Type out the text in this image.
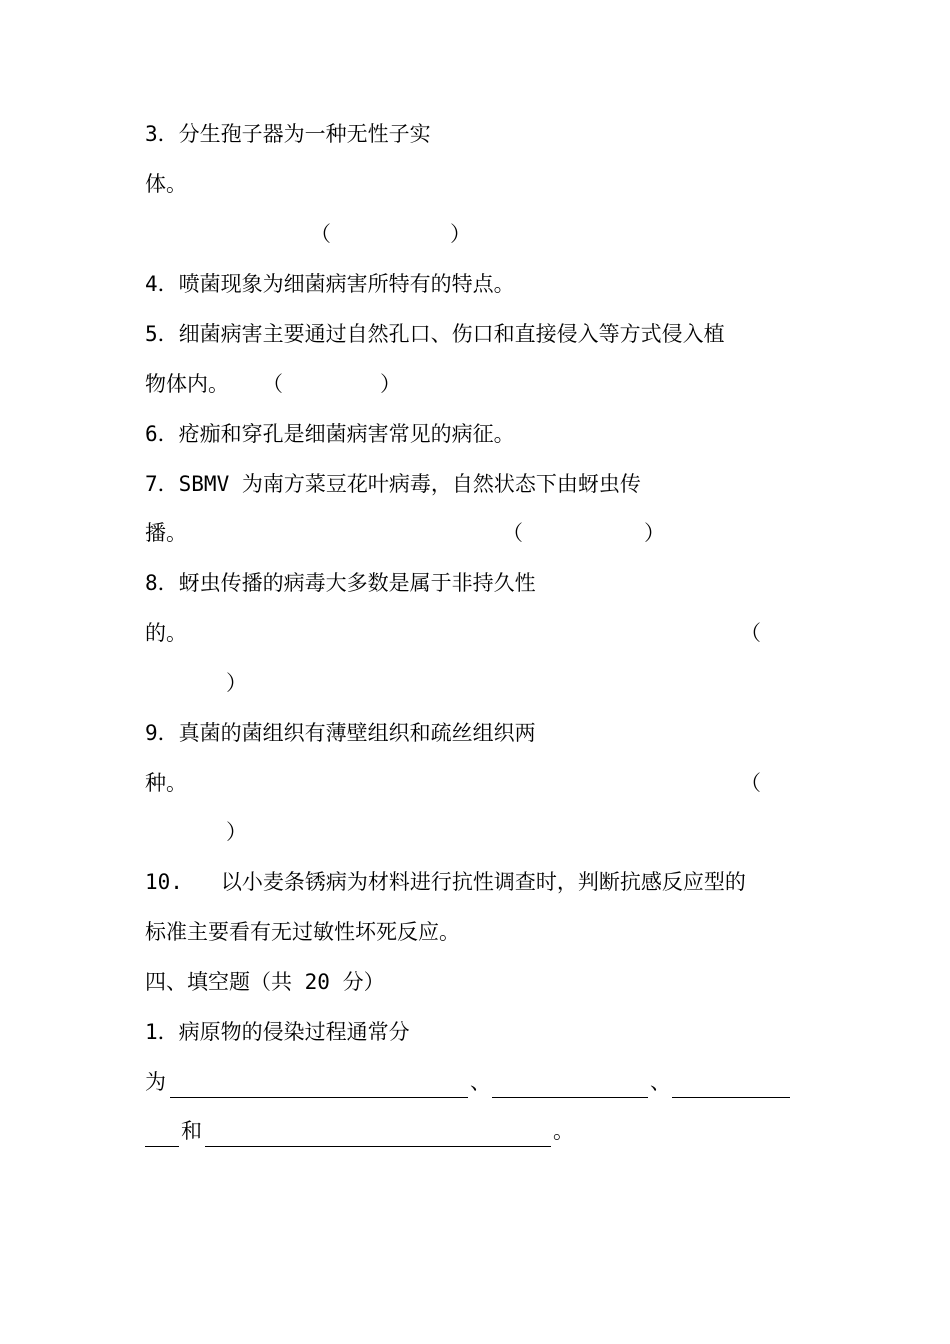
3．分生孢子器为一种无性子实
体。
（	）
4．喷菌现象为细菌病害所特有的特点。
5．细菌病害主要通过自然孔口、伤口和直接侵入等方式侵入植
物体内。 （	）
6．疮痂和穿孔是细菌病害常见的病征。
7．SBMV 为南方菜豆花叶病毒，自然状态下由蚜虫传
播。	（	）
8．蚜虫传播的病毒大多数是属于非持久性
的。	（
）
9．真菌的菌组织有薄壁组织和疏丝组织两
种。	（
）
10.   以小麦条锈病为材料进行抗性调查时，判断抗感反应型的
标准主要看有无过敏性坏死反应。
四、填空题（共 20 分）
1．病原物的侵染过程通常分
为	、	、
和	。
